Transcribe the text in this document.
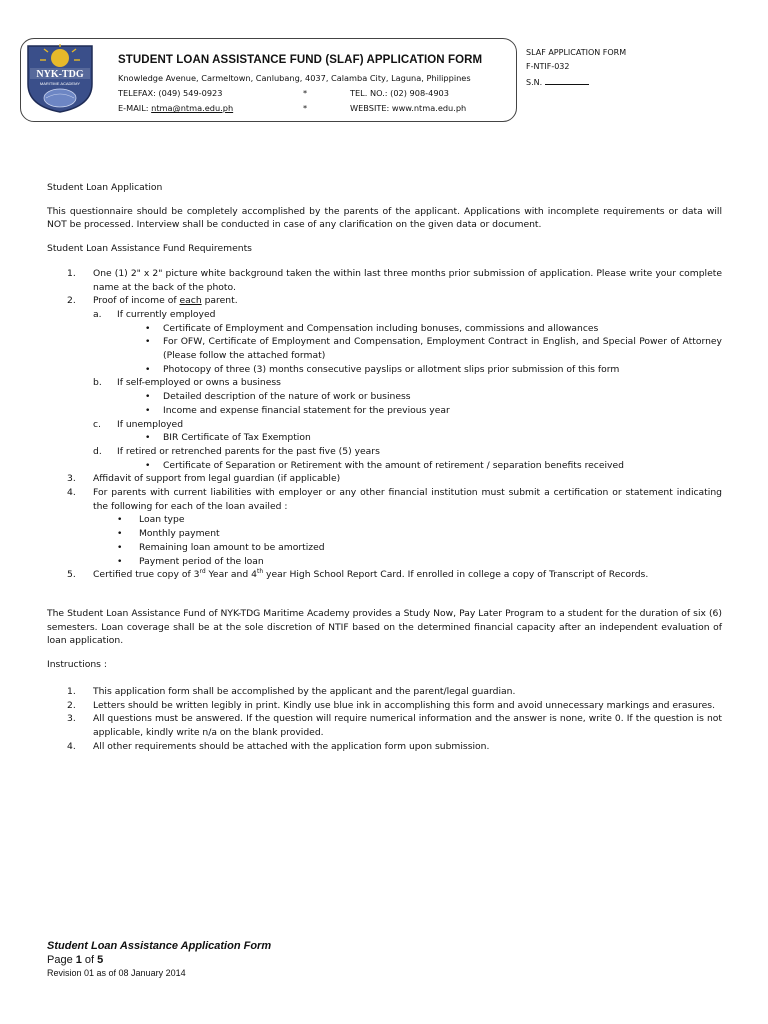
NYK-TDG
MARITIME ACADEMY
STUDENT LOAN ASSISTANCE FUND (SLAF) APPLICATION FORM
Knowledge Avenue, Carmeltown, Canlubang, 4037, Calamba City, Laguna, Philippines
TELEFAX: (049) 549-0923	*	TEL. NO.: (02) 908-4903
E-MAIL: ntma@ntma.edu.ph	*	WEBSITE: www.ntma.edu.ph
SLAF APPLICATION FORM
F-NTIF-032
S.N.

Student Loan Application

This questionnaire should be completely accomplished by the parents of the applicant. Applications with incomplete requirements or data will NOT be processed. Interview shall be conducted in case of any clarification on the given data or document.

Student Loan Assistance Fund Requirements

1. One (1) 2" x 2" picture white background taken the within last three months prior submission of application. Please write your complete name at the back of the photo.

2. Proof of income of each parent.

a. If currently employed

• Certificate of Employment and Compensation including bonuses, commissions and allowances

• For OFW, Certificate of Employment and Compensation, Employment Contract in English, and Special Power of Attorney (Please follow the attached format)

• Photocopy of three (3) months consecutive payslips or allotment slips prior submission of this form

b. If self-employed or owns a business

• Detailed description of the nature of work or business

• Income and expense financial statement for the previous year

c. If unemployed

• BIR Certificate of Tax Exemption

d. If retired or retrenched parents for the past five (5) years

• Certificate of Separation or Retirement with the amount of retirement / separation benefits received

3. Affidavit of support from legal guardian (if applicable)

4. For parents with current liabilities with employer or any other financial institution must submit a certification or statement indicating the following for each of the loan availed :

• Loan type

• Monthly payment

• Remaining loan amount to be amortized

• Payment period of the loan

5. Certified true copy of 3rd Year and 4th year High School Report Card. If enrolled in college a copy of Transcript of Records.

The Student Loan Assistance Fund of NYK-TDG Maritime Academy provides a Study Now, Pay Later Program to a student for the duration of six (6) semesters. Loan coverage shall be at the sole discretion of NTIF based on the determined financial capacity after an independent evaluation of loan application.

Instructions :

1. This application form shall be accomplished by the applicant and the parent/legal guardian.

2. Letters should be written legibly in print. Kindly use blue ink in accomplishing this form and avoid unnecessary markings and erasures.

3. All questions must be answered. If the question will require numerical information and the answer is none, write 0. If the question is not applicable, kindly write n/a on the blank provided.

4. All other requirements should be attached with the application form upon submission.

Student Loan Assistance Application Form
Page 1 of 5
Revision 01 as of 08 January 2014
